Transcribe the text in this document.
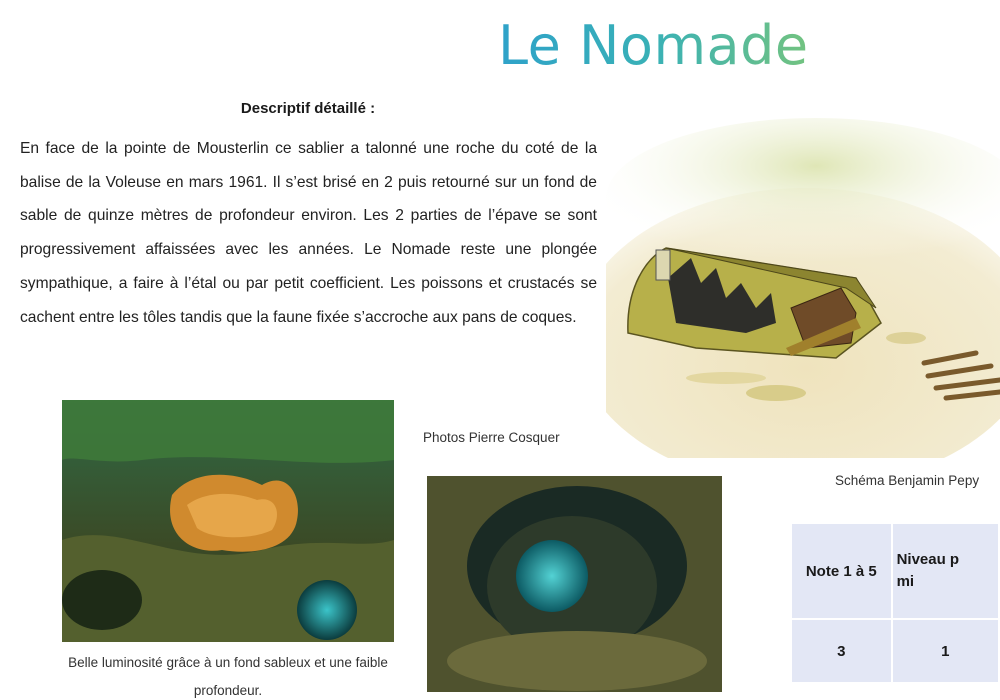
Le Nomade
Descriptif détaillé :

En face de la pointe de Mousterlin ce sablier a talonné une roche du coté de la balise de la Voleuse en mars 1961. Il s’est brisé en 2 puis retourné sur un fond de sable de quinze mètres de profondeur environ. Les 2 parties de l’épave se sont progressivement affaissées avec les années. Le Nomade reste une plongée sympathique, a faire à l’étal ou par petit coefficient. Les poissons et crustacés se cachent entre les tôles tandis que la faune fixée s’accroche aux pans de coques.

Photos Pierre Cosquer
Schéma Benjamin Pepy
Belle luminosité grâce à un fond sableux et une faible profondeur.
Note 1 à 5	Niveau p
mi

3	1
